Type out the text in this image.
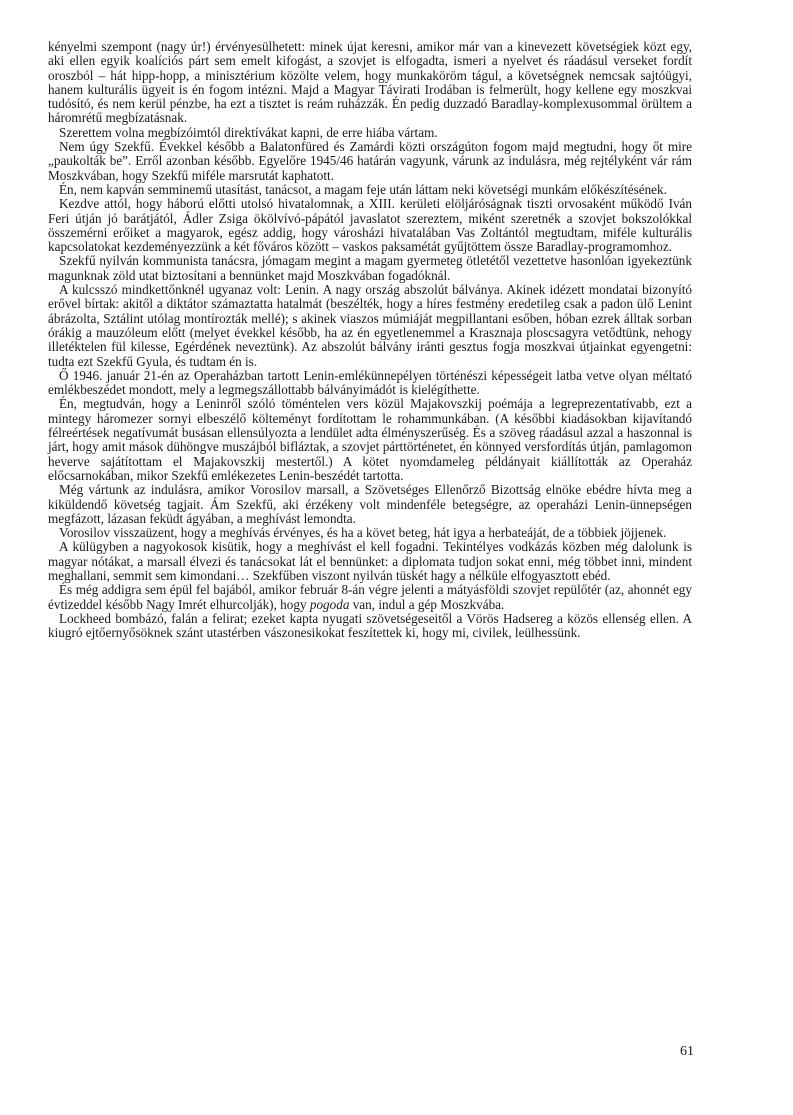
kényelmi szempont (nagy úr!) érvényesülhetett: minek újat keresni, amikor már van a kinevezett követségiek közt egy, aki ellen egyik koalíciós párt sem emelt kifogást, a szovjet is elfogadta, ismeri a nyelvet és ráadásul verseket fordít oroszból – hát hipp-hopp, a minisztérium közölte velem, hogy munkaköröm tágul, a követségnek nemcsak sajtóügyi, hanem kulturális ügyeit is én fogom intézni. Majd a Magyar Távirati Irodában is felmerült, hogy kellene egy moszkvai tudósító, és nem kerül pénzbe, ha ezt a tisztet is reám ruházzák. Én pedig duzzadó Baradlay-komplexusommal örültem a háromrétű megbízatásnak.

Szerettem volna megbízóimtól direktívákat kapni, de erre hiába vártam.

Nem úgy Szekfű. Évekkel később a Balatonfüred és Zamárdi közti országúton fogom majd megtudni, hogy őt mire „paukolták be”. Erről azonban később. Egyelőre 1945/46 határán vagyunk, várunk az indulásra, még rejtélyként vár rám Moszkvában, hogy Szekfű miféle marsrutát kaphatott.

Én, nem kapván semminemű utasítást, tanácsot, a magam feje után láttam neki követségi munkám előkészítésének.

Kezdve attól, hogy háború előtti utolsó hivatalomnak, a XIII. kerületi elöljáróságnak tiszti orvosaként működő Iván Feri útján jó barátjától, Ádler Zsiga ökölvívó-pápától javaslatot szereztem, miként szeretnék a szovjet bokszolókkal összemérni erőiket a magyarok, egész addig, hogy városházi hivatalában Vas Zoltántól megtudtam, miféle kulturális kapcsolatokat kezdeményezzünk a két főváros között – vaskos paksamétát gyűjtöttem össze Baradlay-programomhoz.

Szekfű nyilván kommunista tanácsra, jómagam megint a magam gyermeteg ötletétől vezettetve hasonlóan igyekeztünk magunknak zöld utat biztosítani a bennünket majd Moszkvában fogadóknál.

A kulcsszó mindkettőnknél ugyanaz volt: Lenin. A nagy ország abszolút bálványa. Akinek idézett mondatai bizonyító erővel bírtak: akitől a diktátor számaztatta hatalmát (beszélték, hogy a híres festmény eredetileg csak a padon ülő Lenint ábrázolta, Sztálint utólag montírozták mellé); s akinek viaszos múmiáját megpillantani esőben, hóban ezrek álltak sorban órákig a mauzóleum előtt (melyet évekkel később, ha az én egyetlenemmel a Krasznaja ploscsagyra vetődtünk, nehogy illetéktelen fül kilesse, Egérdének neveztünk). Az abszolút bálvány iránti gesztus fogja moszkvai útjainkat egyengetni: tudta ezt Szekfű Gyula, és tudtam én is.

Ő 1946. január 21-én az Operaházban tartott Lenin-emlékünnepélyen történészi képességeit latba vetve olyan méltató emlékbeszédet mondott, mely a legmegszállottabb bálványimádót is kielégíthette.

Én, megtudván, hogy a Leninről szóló töméntelen vers közül Majakovszkij poémája a legreprezentatívabb, ezt a mintegy háromezer sornyi elbeszélő költeményt fordítottam le rohammunkában. (A későbbi kiadásokban kijavítandó félreértések negatívumát busásan ellensúlyozta a lendület adta élményszerűség. És a szöveg ráadásul azzal a haszonnal is járt, hogy amit mások dühöngve muszájból bifláztak, a szovjet párttörténetet, én könnyed versfordítás útján, pamlagomon heverve sajátítottam el Majakovszkij mestertől.) A kötet nyomdameleg példányait kiállították az Operaház előcsarnokában, mikor Szekfű emlékezetes Lenin-beszédét tartotta.

Még vártunk az indulásra, amikor Vorosilov marsall, a Szövetséges Ellenőrző Bizottság elnöke ebédre hívta meg a kiküldendő követség tagjait. Ám Szekfű, aki érzékeny volt mindenféle betegségre, az operaházi Lenin-ünnepségen megfázott, lázasan feküdt ágyában, a meghívást lemondta.

Vorosilov visszaüzent, hogy a meghívás érvényes, és ha a követ beteg, hát igya a herbateáját, de a többiek jöjjenek.

A külügyben a nagyokosok kisütik, hogy a meghívást el kell fogadni. Tekintélyes vodkázás közben még dalolunk is magyar nótákat, a marsall élvezi és tanácsokat lát el bennünket: a diplomata tudjon sokat enni, még többet inni, mindent meghallani, semmit sem kimondani… Szekfűben viszont nyilván tüskét hagy a nélküle elfogyasztott ebéd.

És még addigra sem épül fel bajából, amikor február 8-án végre jelenti a mátyásföldi szovjet repülőtér (az, ahonnét egy évtizeddel később Nagy Imrét elhurcolják), hogy pogoda van, indul a gép Moszkvába.

Lockheed bombázó, falán a felirat; ezeket kapta nyugati szövetségeseitől a Vörös Hadsereg a közös ellenség ellen. A kiugró ejtőernyősöknek szánt utastérben vászonesikokat feszítettek ki, hogy mi, civilek, leülhessünk.

61
